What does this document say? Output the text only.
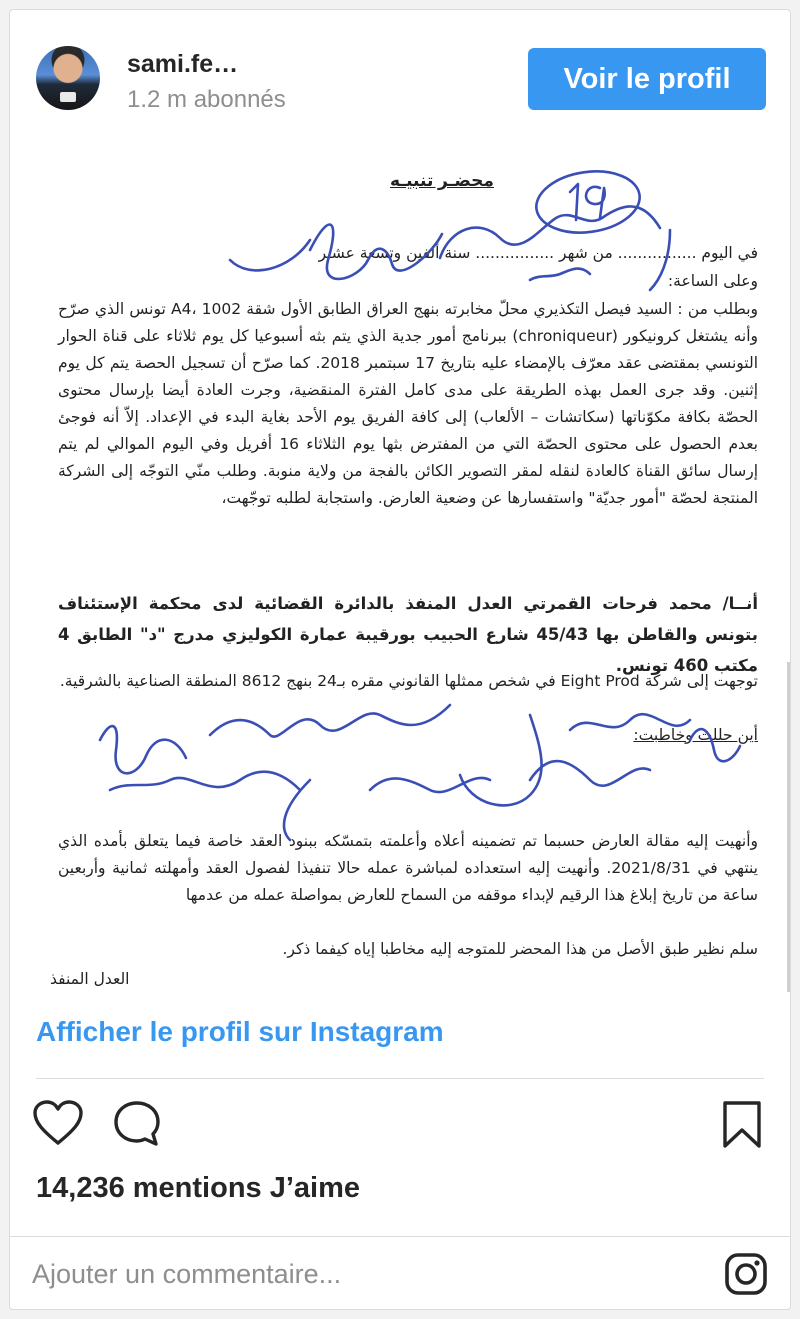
sami.fe…
1.2 m abonnés
Voir le profil
محضـر تنبيـه
في اليوم ................ من شهر ................ سنة ألفين وتسعة عشـر
وعلى الساعة:
وبطلب من : السيد فيصل التكذيري محلّ مخابرته بنهج العراق الطابق الأول شقة A4، 1002 تونس الذي صرّح وأنه يشتغل كرونيكور (chroniqueur) ببرنامج أمور جدية الذي يتم بثه أسبوعيا كل يوم ثلاثاء على قناة الحوار التونسي بمقتضى عقد معرّف بالإمضاء عليه بتاريخ 17 سبتمبر 2018. كما صرّح أن تسجيل الحصة يتم كل يوم إثنين. وقد جرى العمل بهذه الطريقة على مدى كامل الفترة المنقضية، وجرت العادة أيضا بإرسال محتوى الحصّة بكافة مكوّناتها (سكاتشات – الألعاب) إلى كافة الفريق يوم الأحد بغاية البدء في الإعداد. إلاّ أنه فوجئ بعدم الحصول على محتوى الحصّة التي من المفترض بثها يوم الثلاثاء 16 أفريل وفي اليوم الموالي لم يتم إرسال سائق القناة كالعادة لنقله لمقر التصوير الكائن بالفجة من ولاية منوبة. وطلب منّي التوجّه إلى الشركة المنتجة لحصّة "أمور جديّة" واستفسارها عن وضعية العارض. واستجابة لطلبه توجّهت،
أنــا/ محمد فرحات القمرتي العدل المنفذ بالدائرة القضائية لدى محكمة الإستئناف بتونس والقاطن بها 45/43 شارع الحبيب بورقيبة عمارة الكوليزي مدرج "د" الطابق 4 مكتب 460 تونس.
توجهت إلى شركة Eight Prod في شخص ممثلها القانوني مقره بـ24 بنهج 8612 المنطقة الصناعية بالشرقية.
أين حللت وخاطبت:
وأنهيت إليه مقالة العارض حسبما تم تضمينه أعلاه وأعلمته بتمسّكه ببنود العقد خاصة فيما يتعلق بأمده الذي ينتهي في 2021/8/31. وأنهيت إليه استعداده لمباشرة عمله حالا تنفيذا لفصول العقد وأمهلته ثمانية وأربعين ساعة من تاريخ إبلاغ هذا الرقيم لإبداء موقفه من السماح للعارض بمواصلة عمله من عدمها
سلم نظير طبق الأصل من هذا المحضر للمتوجه إليه مخاطبا إياه كيفما ذكر.
العدل المنفذ
Afficher le profil sur Instagram
14,236 mentions J’aime
Ajouter un commentaire...
